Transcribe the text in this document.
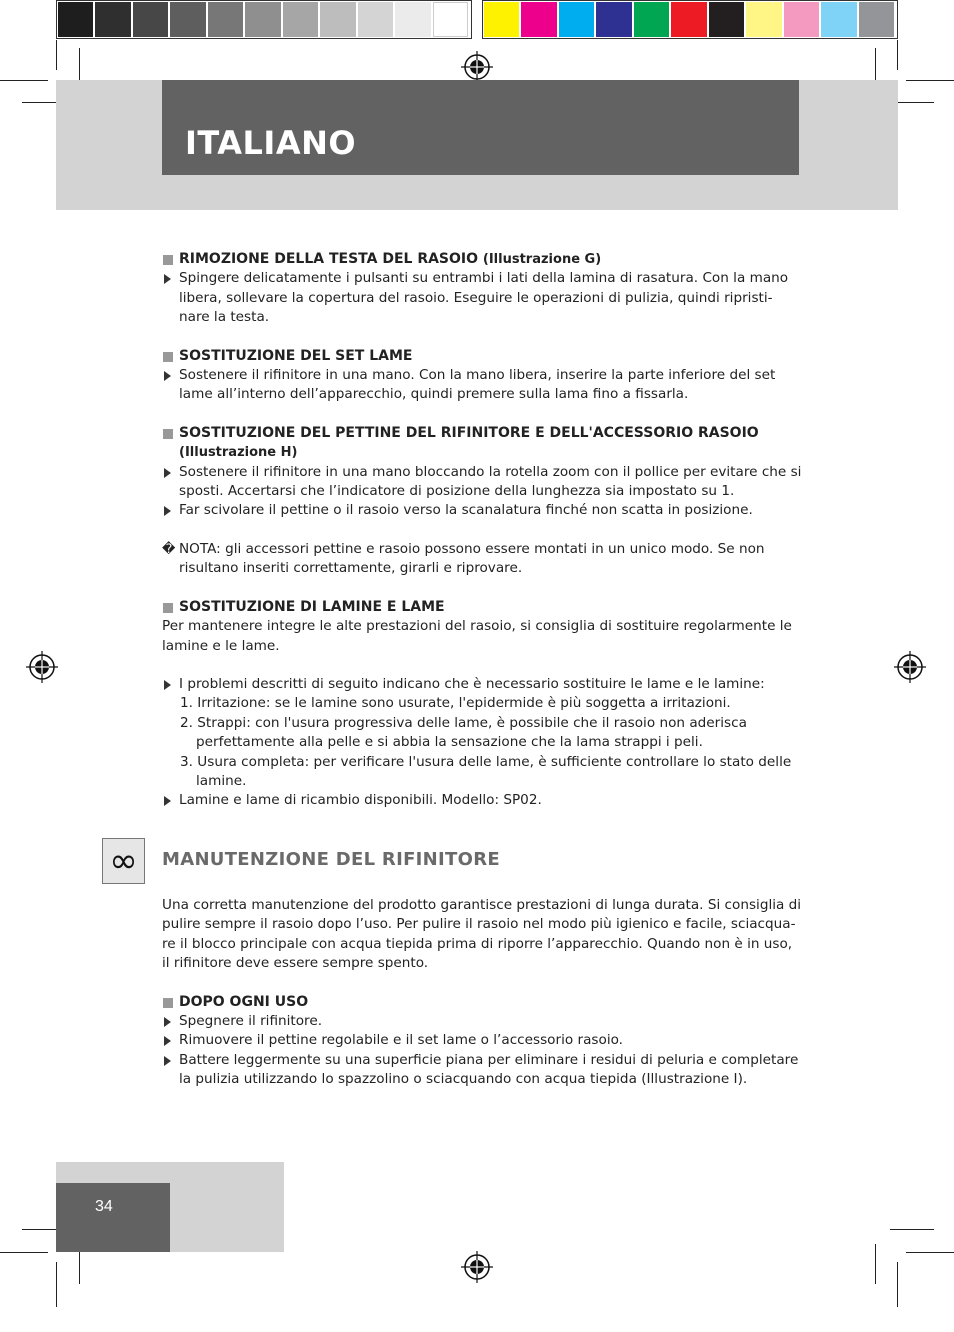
ITALIANO
RIMOZIONE DELLA TESTA DEL RASOIO (Illustrazione G)
Spingere delicatamente i pulsanti su entrambi i lati della lamina di rasatura. Con la mano libera, sollevare la copertura del rasoio. Eseguire le operazioni di pulizia, quindi ripristi-nare la testa.
SOSTITUZIONE DEL SET LAME
Sostenere il rifinitore in una mano. Con la mano libera, inserire la parte inferiore del set lame all’interno dell’apparecchio, quindi premere sulla lama fino a fissarla.
SOSTITUZIONE DEL PETTINE DEL RIFINITORE E DELL'ACCESSORIO RASOIO (Illustrazione H)
Sostenere il rifinitore in una mano bloccando la rotella zoom con il pollice per evitare che si sposti. Accertarsi che l’indicatore di posizione della lunghezza sia impostato su 1.
Far scivolare il pettine o il rasoio verso la scanalatura finché non scatta in posizione.
� NOTA: gli accessori pettine e rasoio possono essere montati in un unico modo. Se non risultano inseriti correttamente, girarli e riprovare.
SOSTITUZIONE DI LAMINE E LAME
Per mantenere integre le alte prestazioni del rasoio, si consiglia di sostituire regolarmente le lamine e le lame.
I problemi descritti di seguito indicano che è necessario sostituire le lame e le lamine:
1. Irritazione: se le lamine sono usurate, l'epidermide è più soggetta a irritazioni.
2. Strappi: con l'usura progressiva delle lame, è possibile che il rasoio non aderisca perfettamente alla pelle e si abbia la sensazione che la lama strappi i peli.
3. Usura completa: per verificare l'usura delle lame, è sufficiente controllare lo stato delle lamine.
Lamine e lame di ricambio disponibili. Modello: SP02.
∞	MANUTENZIONE DEL RIFINITORE
Una corretta manutenzione del prodotto garantisce prestazioni di lunga durata. Si consiglia di pulire sempre il rasoio dopo l’uso. Per pulire il rasoio nel modo più igienico e facile, sciacqua-re il blocco principale con acqua tiepida prima di riporre l’apparecchio. Quando non è in uso, il rifinitore deve essere sempre spento.
DOPO OGNI USO
Spegnere il rifinitore.
Rimuovere il pettine regolabile e il set lame o l’accessorio rasoio.
Battere leggermente su una superficie piana per eliminare i residui di peluria e completare la pulizia utilizzando lo spazzolino o sciacquando con acqua tiepida (Illustrazione I).
34
